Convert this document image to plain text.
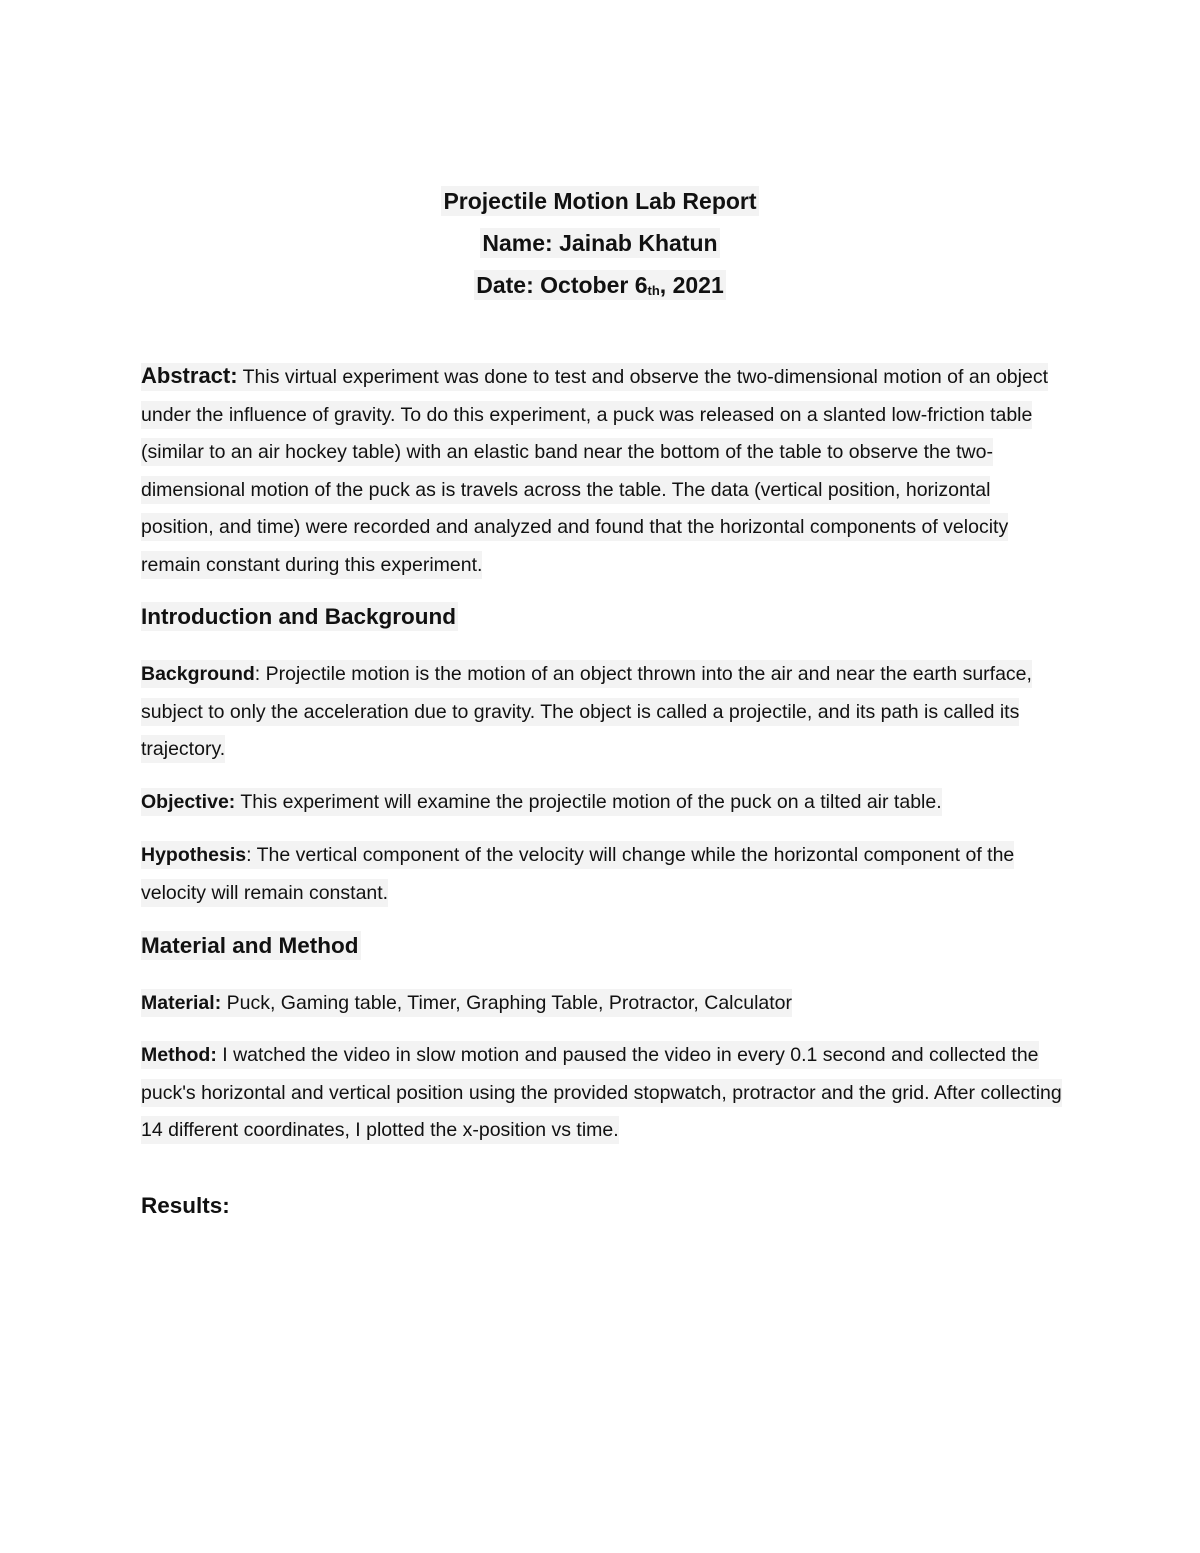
Projectile Motion Lab Report
Name: Jainab Khatun
Date: October $6_{th}$, 2021

Abstract: This virtual experiment was done to test and observe the two-dimensional motion of an object under the influence of gravity. To do this experiment, a puck was released on a slanted low-friction table (similar to an air hockey table) with an elastic band near the bottom of the table to observe the two-dimensional motion of the puck as is travels across the table. The data (vertical position, horizontal position, and time) were recorded and analyzed and found that the horizontal components of velocity remain constant during this experiment.

Introduction and Background

Background: Projectile motion is the motion of an object thrown into the air and near the earth surface, subject to only the acceleration due to gravity. The object is called a projectile, and its path is called its trajectory.

Objective: This experiment will examine the projectile motion of the puck on a tilted air table.

Hypothesis: The vertical component of the velocity will change while the horizontal component of the velocity will remain constant.

Material and Method

Material: Puck, Gaming table, Timer, Graphing Table, Protractor, Calculator

Method: I watched the video in slow motion and paused the video in every 0.1 second and collected the puck's horizontal and vertical position using the provided stopwatch, protractor and the grid. After collecting 14 different coordinates, I plotted the x-position vs time.

Results:
